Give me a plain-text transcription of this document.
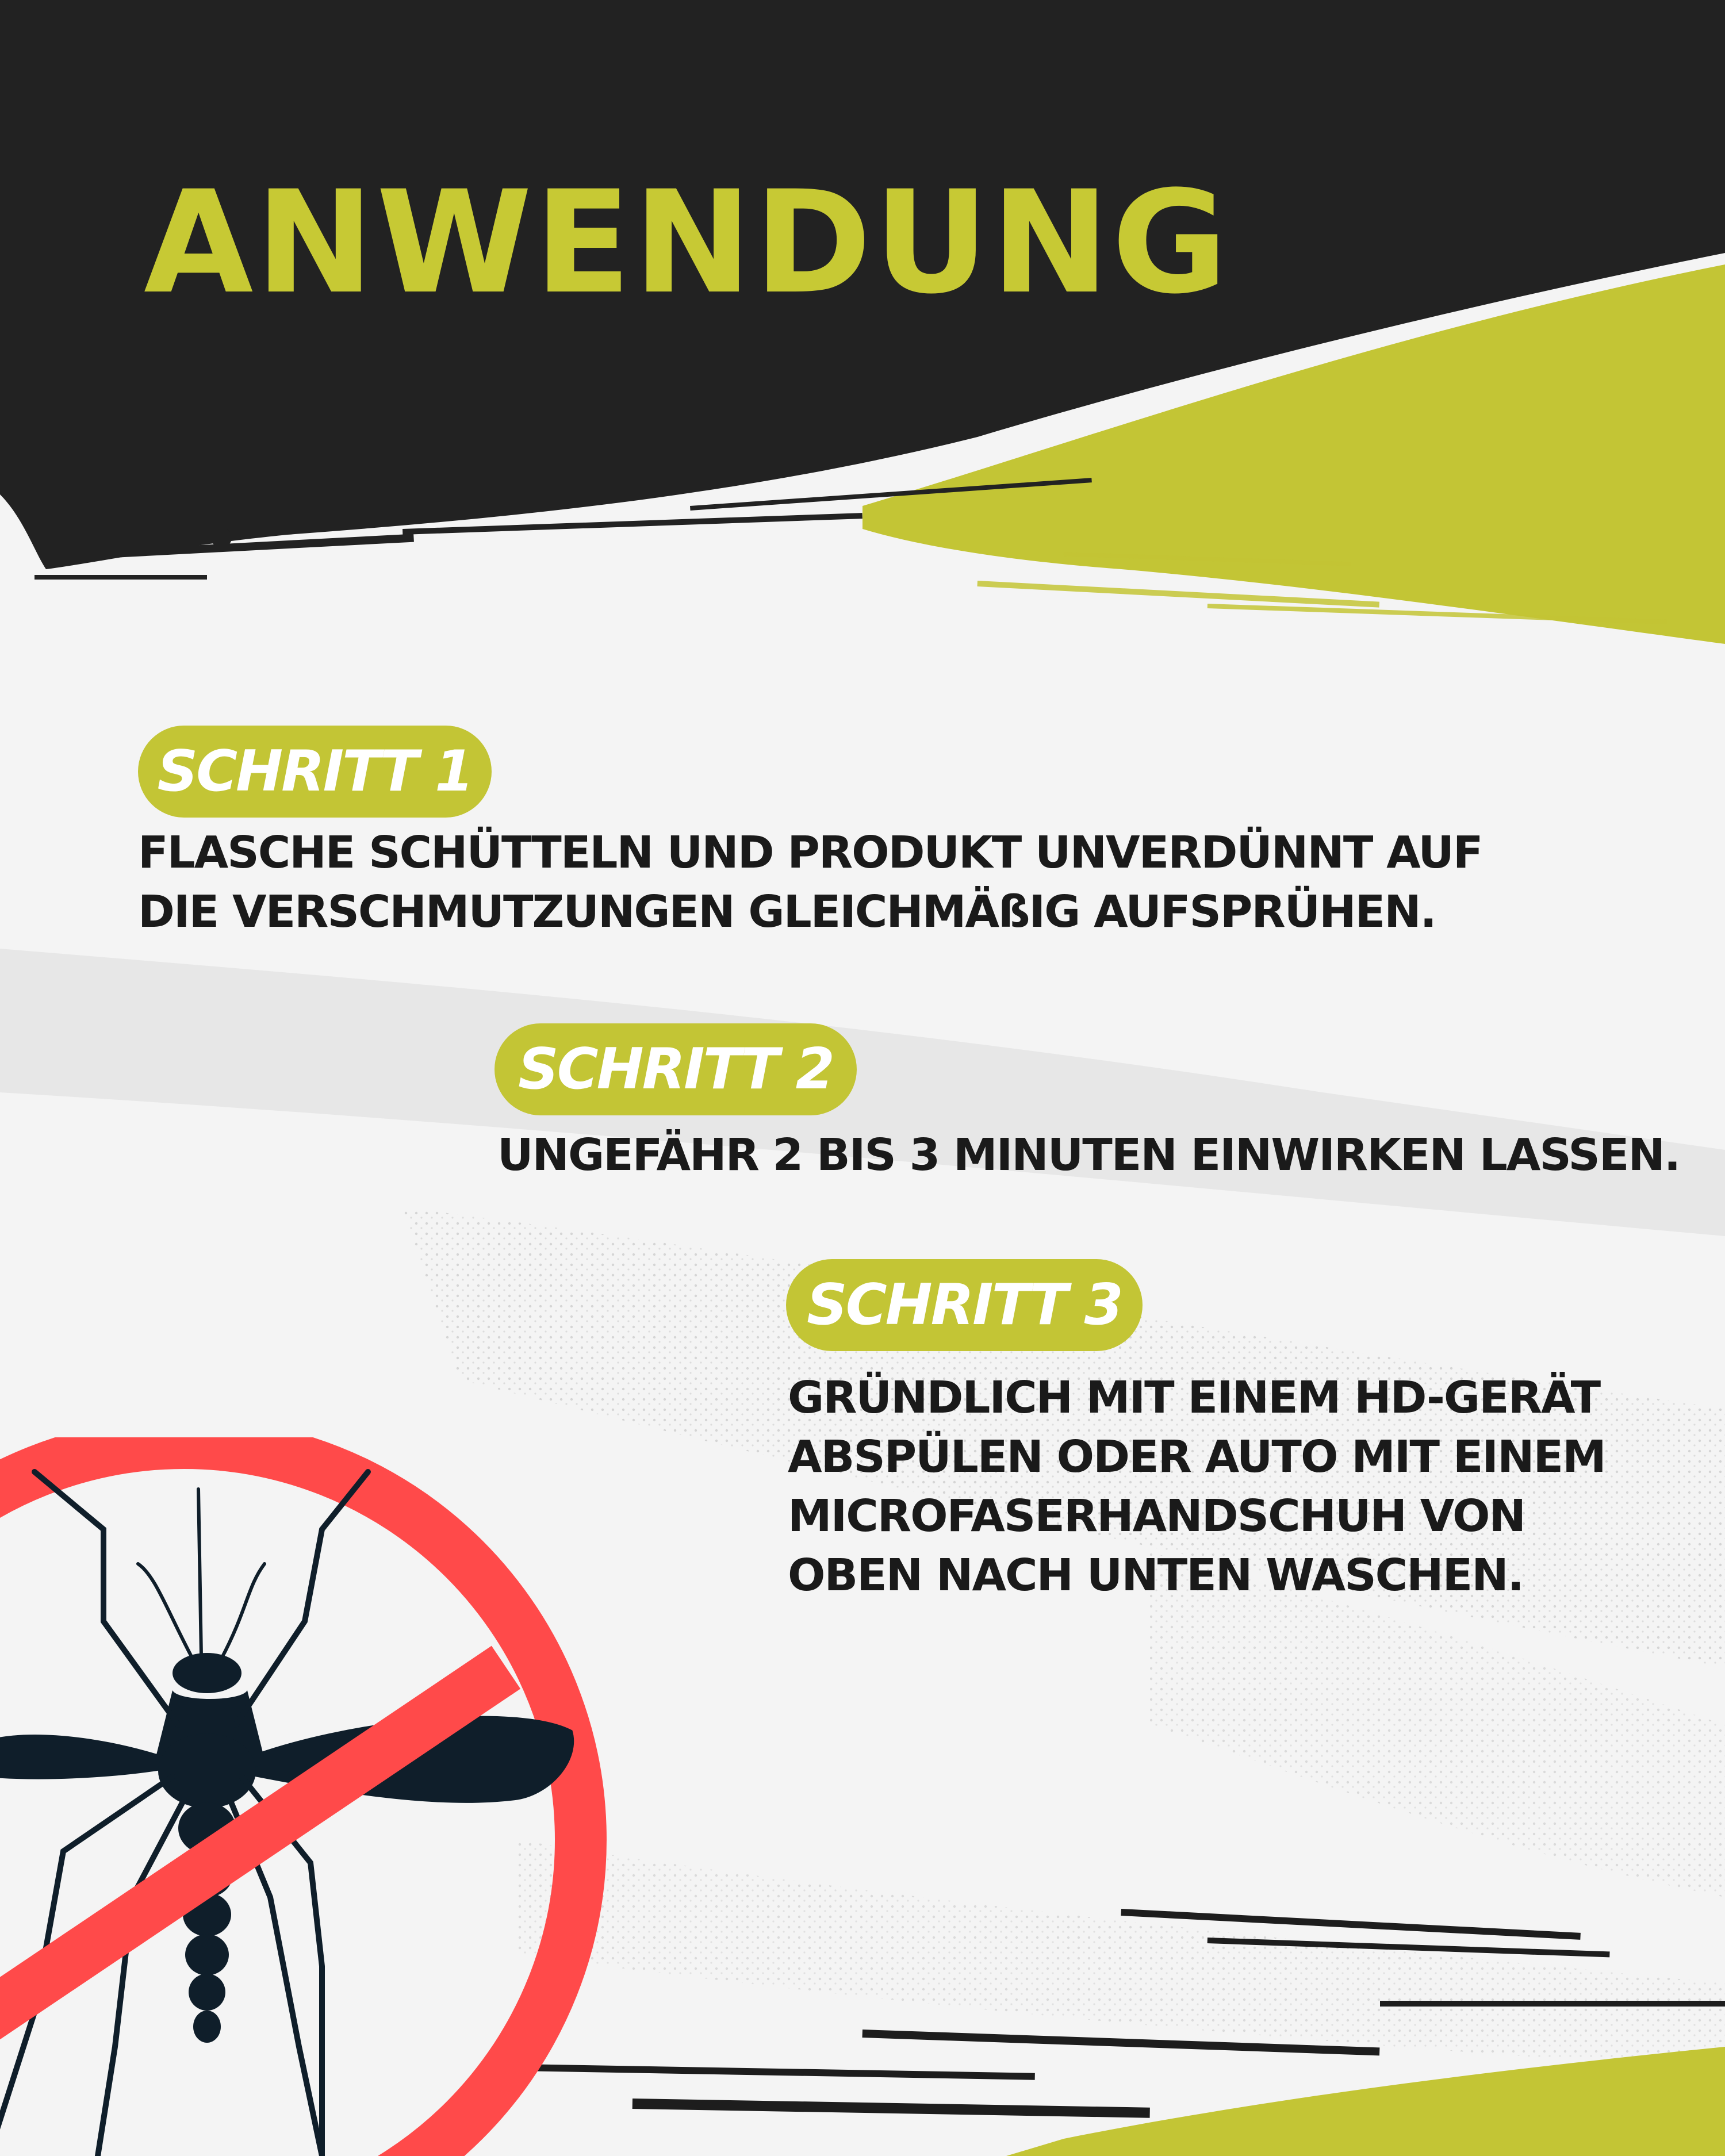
ANWENDUNG
SCHRITT 1

FLASCHE SCHÜTTELN UND PRODUKT UNVERDÜNNT AUF
DIE VERSCHMUTZUNGEN GLEICHMÄßIG AUFSPRÜHEN.

SCHRITT 2

UNGEFÄHR 2 BIS 3 MINUTEN EINWIRKEN LASSEN.

SCHRITT 3

GRÜNDLICH MIT EINEM HD-GERÄT
ABSPÜLEN ODER AUTO MIT EINEM
MICROFASERHANDSCHUH VON
OBEN NACH UNTEN WASCHEN.
